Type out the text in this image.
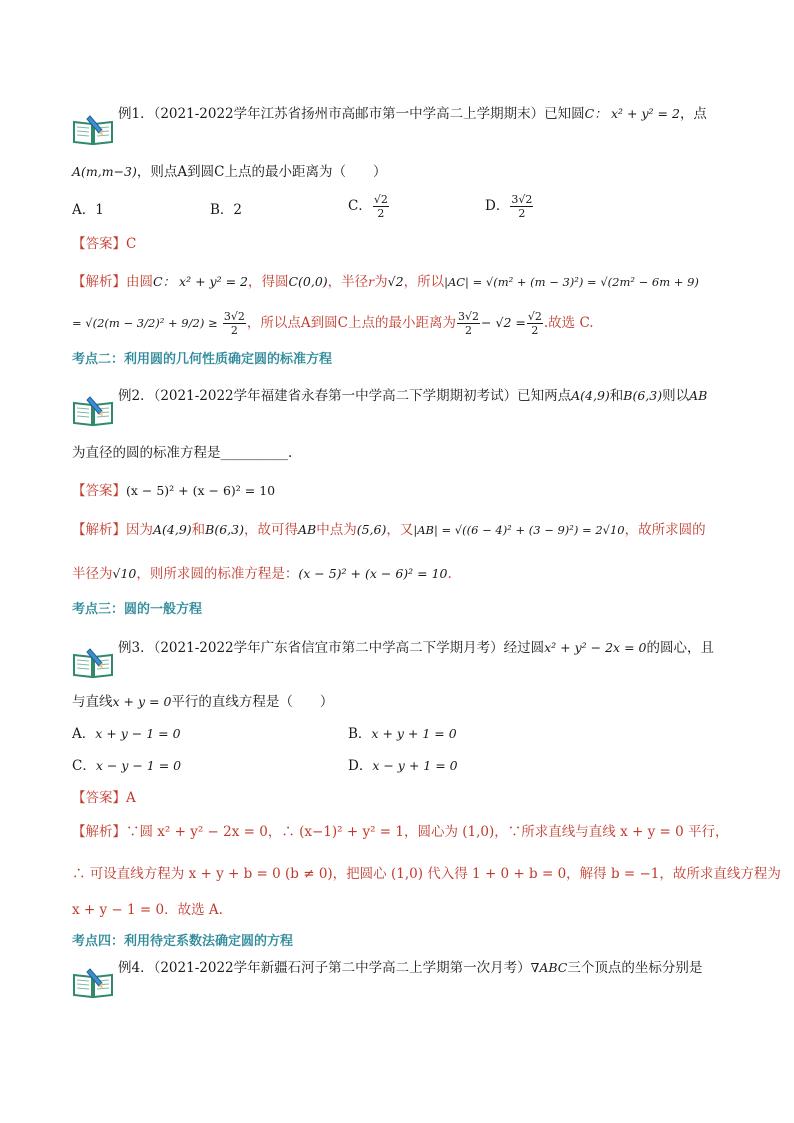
例1．（2021-2022学年江苏省扬州市高邮市第一中学高二上学期期末）已知圆C： x² + y² = 2，点
A(m,m−3)，则点A到圆C上点的最小距离为（　　）
A．1	B．2	C． $\frac{√2}{2}$	D． $\frac{3√2}{2}$
【答案】C
【解析】由圆C： x² + y² = 2，得圆C(0,0)，半径r为√2，所以|AC| = √(m² + (m − 3)²) = √(2m² − 6m + 9)
= $√(2(m - 3/2)^2 + 9/2) \ge \frac{3√2}{2}$ ，所以点A到圆C上点的最小距离为 $\frac{3√2}{2} - √2 = \frac{√2}{2}$ .故选 C.
考点二：利用圆的几何性质确定圆的标准方程
例2．（2021-2022学年福建省永春第一中学高二下学期期初考试）已知两点A(4,9)和B(6,3)则以AB
为直径的圆的标准方程是__________.
【答案】(x − 5)² + (x − 6)² = 10
【解析】因为A(4,9)和B(6,3)，故可得AB中点为(5,6)，又|AB| = √((6 − 4)² + (3 − 9)²) = 2√10，故所求圆的
半径为√10，则所求圆的标准方程是：(x − 5)² + (x − 6)² = 10.
考点三：圆的一般方程
例3．（2021-2022学年广东省信宜市第二中学高二下学期月考）经过圆x² + y² − 2x = 0的圆心，且
与直线x + y = 0平行的直线方程是（　　）
A．x + y − 1 = 0	B．x + y + 1 = 0
C．x − y − 1 = 0	D．x − y + 1 = 0
【答案】A
【解析】∵圆 x² + y² − 2x = 0，∴ (x−1)² + y² = 1，圆心为 (1,0)，∵所求直线与直线 x + y = 0 平行，
∴ 可设直线方程为 x + y + b = 0 (b ≠ 0)，把圆心 (1,0) 代入得 1 + 0 + b = 0，解得 b = −1，故所求直线方程为
x + y − 1 = 0．故选 A.
考点四：利用待定系数法确定圆的方程
例4．（2021-2022学年新疆石河子第二中学高二上学期第一次月考）∇ABC三个顶点的坐标分别是
